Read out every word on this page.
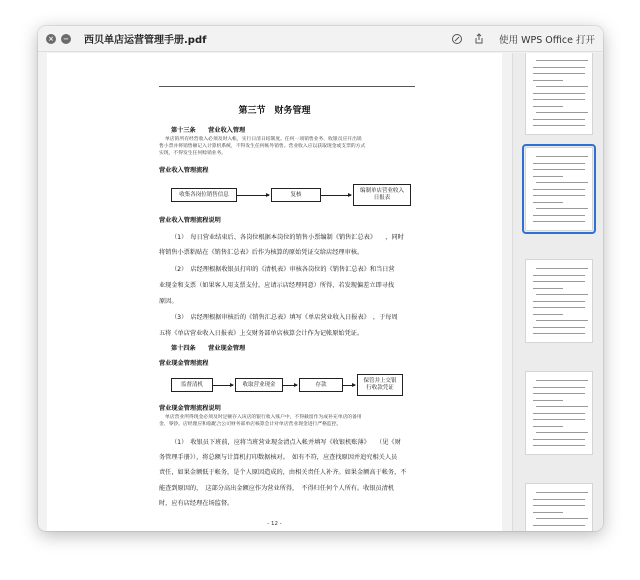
× − 西贝单店运营管理手册.pdf	使用 WPS Office 打开
第三节　财务管理
第十三条　　营业收入管理
单店的所有经营收入必须及时入帐，实行日清日结制度。任何一项销售业务、收银员应开出销
售小票并将销售额记入计算机系统，不得发生任何帐外销售。营业收入应以获取现金或支票的方式
实现，不得发生任何赊销业务。
营业收入管理流程
收集各岗位销售信息	复核
编制单店营业收入日报表
营业收入管理流程说明
（1）　每日营业结束后、各岗位根据本岗位的销售小票编制《销售汇总表》　　，同时
将销售小票粘贴在《销售汇总表》后作为核算的原始凭证交给店经理审核。
（2）　店经理根据收银员打印的《清机表》审核各岗位的《销售汇总表》和当日营
业现金和支票（如果客人用支票支付，应请示店经理同意）所得，若发现偏差立即寻找
原因。
（3）　店经理根据审核后的《销售汇总表》填写《单店营业收入日报表》　，于每周
五将《单店营业收入日报表》上交财务部单店核算会计作为记帐原始凭证。
第十四条　　营业现金管理
营业现金管理流程
监督清机	收取营业现金	存款
保管并上交银行收款凭证
营业现金管理流程说明
单店营业所得现金必须及时足额存入该店的银行收入账户中，不得截留作为成补充单店的备用
金、零钞。店经理应和临配合公司财务部单店核算会计对单店营业现金进行严格监控。
（1）　收银员下班前，应将当班营业现金清点入帐并填写《收银机账薄》　　（见《财
务管理手册》），将总额与计算机打印数据核对。　如有不符，应查找原因并追究相关人员
责任，如果金额低于帐务，是个人原因造成的，由相关责任人补齐。如果金额高于帐务，不
能查到原因的，　这部分高出金额应作为营业所得，　不得归任何个人所有。收银员清机
时，应有店经理在场监督。
- 12 -
